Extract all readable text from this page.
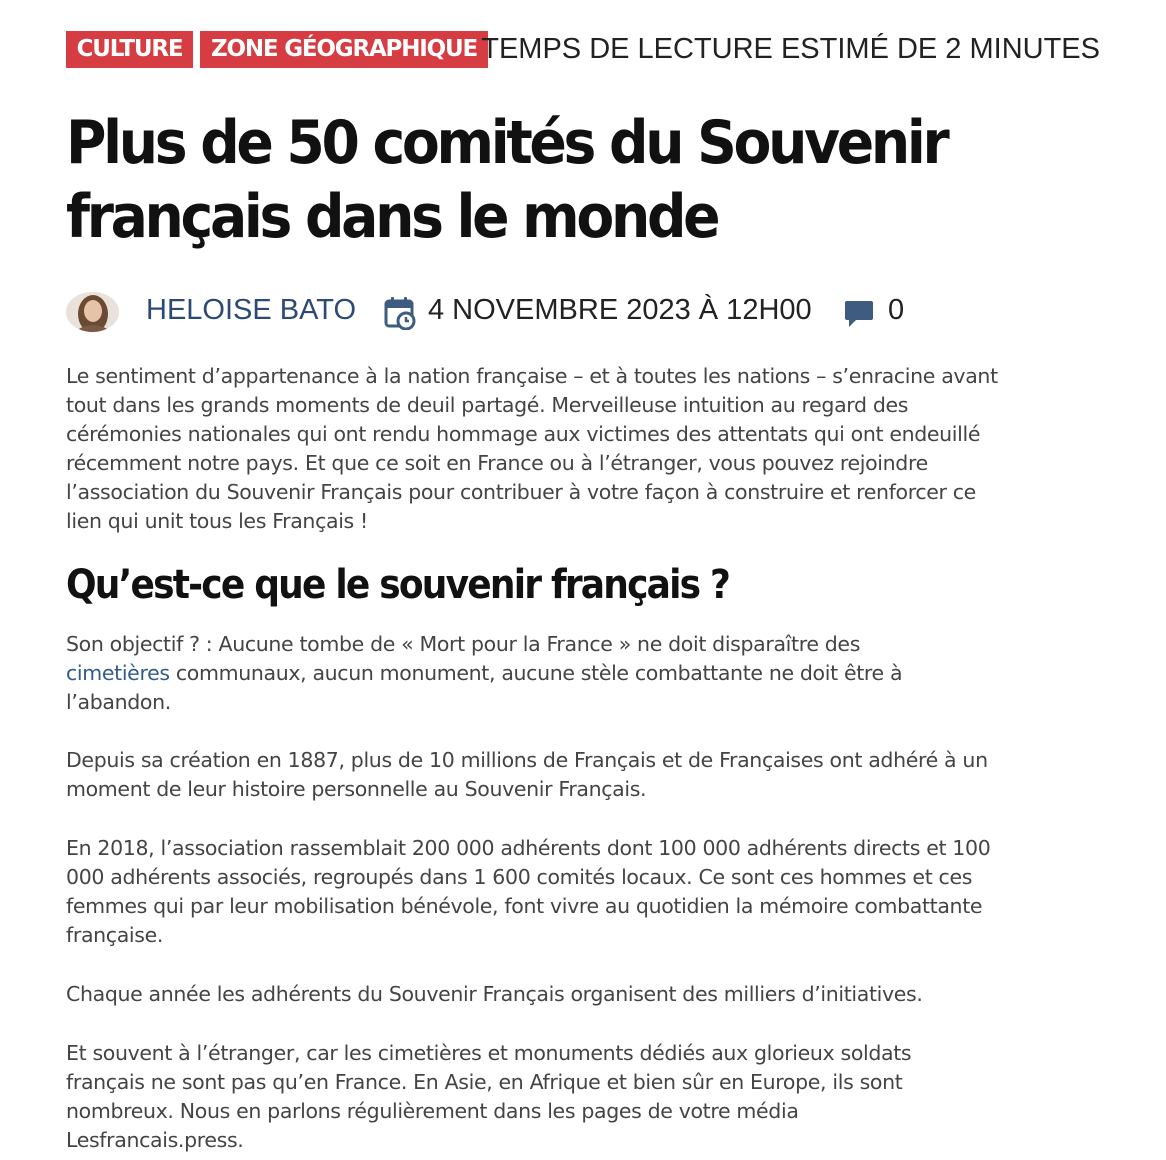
CULTURE	ZONE GÉOGRAPHIQUE TEMPS DE LECTURE ESTIMÉ DE 2 MINUTES
Plus de 50 comités du Souvenir français dans le monde
HELOISE BATO 4 NOVEMBRE 2023 À 12H00	0

Le sentiment d’appartenance à la nation française – et à toutes les nations – s’enracine avant tout dans les grands moments de deuil partagé. Merveilleuse intuition au regard des cérémonies nationales qui ont rendu hommage aux victimes des attentats qui ont endeuillé récemment notre pays. Et que ce soit en France ou à l’étranger, vous pouvez rejoindre l’association du Souvenir Français pour contribuer à votre façon à construire et renforcer ce lien qui unit tous les Français !

Qu’est-ce que le souvenir français ?

Son objectif ? : Aucune tombe de « Mort pour la France » ne doit disparaître des cimetières communaux, aucun monument, aucune stèle combattante ne doit être à l’abandon.

Depuis sa création en 1887, plus de 10 millions de Français et de Françaises ont adhéré à un moment de leur histoire personnelle au Souvenir Français.

En 2018, l’association rassemblait 200 000 adhérents dont 100 000 adhérents directs et 100 000 adhérents associés, regroupés dans 1 600 comités locaux. Ce sont ces hommes et ces femmes qui par leur mobilisation bénévole, font vivre au quotidien la mémoire combattante française.

Chaque année les adhérents du Souvenir Français organisent des milliers d’initiatives.

Et souvent à l’étranger, car les cimetières et monuments dédiés aux glorieux soldats français ne sont pas qu’en France. En Asie, en Afrique et bien sûr en Europe, ils sont nombreux. Nous en parlons régulièrement dans les pages de votre média Lesfrancais.press.
